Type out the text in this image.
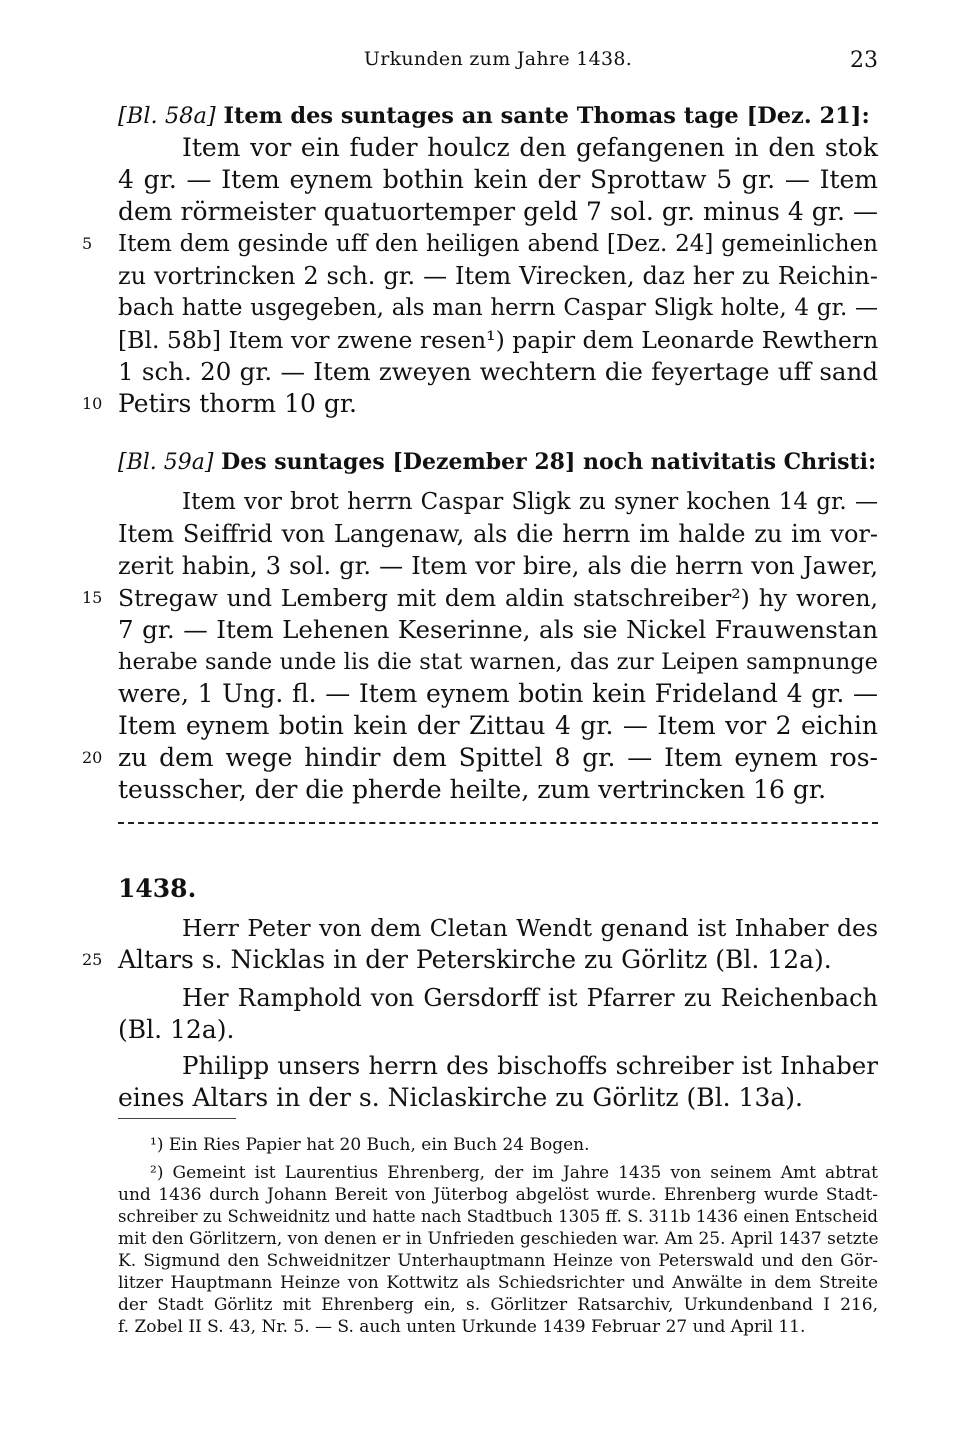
Urkunden zum Jahre 1438.	23
[Bl. 58a] Item des suntages an sante Thomas tage [Dez. 21]:
Item vor ein fuder houlcz den gefangenen in den stok
4 gr. — Item eynem bothin kein der Sprottaw 5 gr. — Item
dem rörmeister quatuortemper geld 7 sol. gr. minus 4 gr. —
5 Item dem gesinde uff den heiligen abend [Dez. 24] gemeinlichen
zu vortrincken 2 sch. gr. — Item Virecken, daz her zu Reichin-
bach hatte usgegeben, als man herrn Caspar Sligk holte, 4 gr. —
[Bl. 58b] Item vor zwene resen¹) papir dem Leonarde Rewthern
1 sch. 20 gr. — Item zweyen wechtern die feyertage uff sand
10 Petirs thorm 10 gr.
[Bl. 59a] Des suntages [Dezember 28] noch nativitatis Christi:
Item vor brot herrn Caspar Sligk zu syner kochen 14 gr. —
Item Seiffrid von Langenaw, als die herrn im halde zu im vor-
zerit habin, 3 sol. gr. — Item vor bire, als die herrn von Jawer,
15 Stregaw und Lemberg mit dem aldin statschreiber²) hy woren,
7 gr. — Item Lehenen Keserinne, als sie Nickel Frauwenstan
herabe sande unde lis die stat warnen, das zur Leipen sampnunge
were, 1 Ung. fl. — Item eynem botin kein Frideland 4 gr. —
Item eynem botin kein der Zittau 4 gr. — Item vor 2 eichin
20 zu dem wege hindir dem Spittel 8 gr. — Item eynem ros-
teusscher, der die pherde heilte, zum vertrincken 16 gr.
1438.
Herr Peter von dem Cletan Wendt genand ist Inhaber des
25 Altars s. Nicklas in der Peterskirche zu Görlitz (Bl. 12a).
Her Ramphold von Gersdorff ist Pfarrer zu Reichenbach
(Bl. 12a).
Philipp unsers herrn des bischoffs schreiber ist Inhaber
eines Altars in der s. Niclaskirche zu Görlitz (Bl. 13a).
¹) Ein Ries Papier hat 20 Buch, ein Buch 24 Bogen.
²) Gemeint ist Laurentius Ehrenberg, der im Jahre 1435 von seinem Amt abtrat
und 1436 durch Johann Bereit von Jüterbog abgelöst wurde. Ehrenberg wurde Stadt-
schreiber zu Schweidnitz und hatte nach Stadtbuch 1305 ff. S. 311b 1436 einen Entscheid
mit den Görlitzern, von denen er in Unfrieden geschieden war. Am 25. April 1437 setzte
K. Sigmund den Schweidnitzer Unterhauptmann Heinze von Peterswald und den Gör-
litzer Hauptmann Heinze von Kottwitz als Schiedsrichter und Anwälte in dem Streite
der Stadt Görlitz mit Ehrenberg ein, s. Görlitzer Ratsarchiv, Urkundenband I 216,
f. Zobel II S. 43, Nr. 5. — S. auch unten Urkunde 1439 Februar 27 und April 11.
